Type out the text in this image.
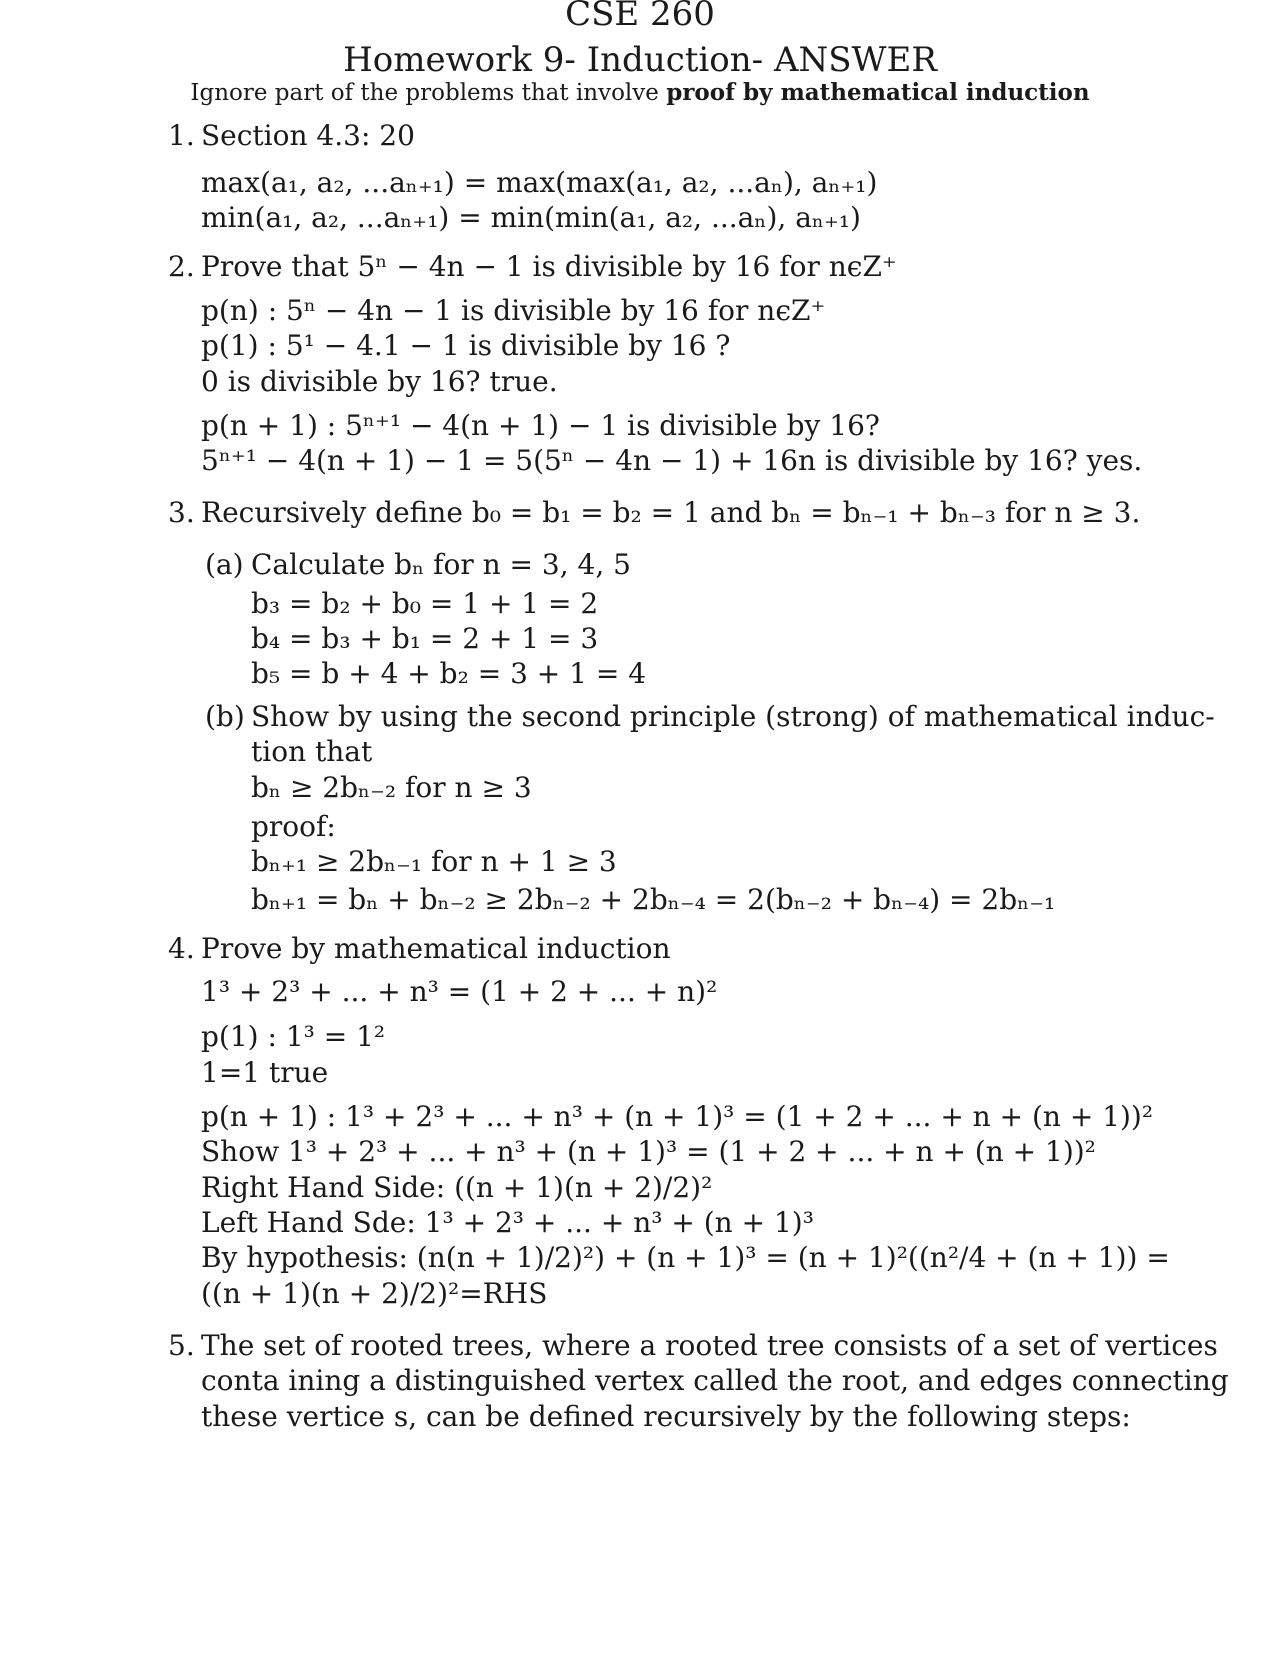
CSE 260
Homework 9- Induction- ANSWER
Ignore part of the problems that involve proof by mathematical induction
1. Section 4.3: 20
max(a₁, a₂, ...aₙ₊₁) = max(max(a₁, a₂, ...aₙ), aₙ₊₁)
min(a₁, a₂, ...aₙ₊₁) = min(min(a₁, a₂, ...aₙ), aₙ₊₁)
2. Prove that 5ⁿ − 4n − 1 is divisible by 16 for nϵZ⁺
p(n) : 5ⁿ − 4n − 1 is divisible by 16 for nϵZ⁺
p(1) : 5¹ − 4.1 − 1 is divisible by 16 ?
0 is divisible by 16? true.
p(n + 1) : 5ⁿ⁺¹ − 4(n + 1) − 1 is divisible by 16?
5ⁿ⁺¹ − 4(n + 1) − 1 = 5(5ⁿ − 4n − 1) + 16n is divisible by 16? yes.
3. Recursively define b₀ = b₁ = b₂ = 1 and bₙ = bₙ₋₁ + bₙ₋₃ for n ≥ 3.
(a) Calculate bₙ for n = 3, 4, 5
b₃ = b₂ + b₀ = 1 + 1 = 2
b₄ = b₃ + b₁ = 2 + 1 = 3
b₅ = b + 4 + b₂ = 3 + 1 = 4
(b) Show by using the second principle (strong) of mathematical induc-
tion that
bₙ ≥ 2bₙ₋₂ for n ≥ 3
proof:
bₙ₊₁ ≥ 2bₙ₋₁ for n + 1 ≥ 3
bₙ₊₁ = bₙ + bₙ₋₂ ≥ 2bₙ₋₂ + 2bₙ₋₄ = 2(bₙ₋₂ + bₙ₋₄) = 2bₙ₋₁
4. Prove by mathematical induction
1³ + 2³ + ... + n³ = (1 + 2 + ... + n)²
p(1) : 1³ = 1²
1=1 true
p(n + 1) : 1³ + 2³ + ... + n³ + (n + 1)³ = (1 + 2 + ... + n + (n + 1))²
Show 1³ + 2³ + ... + n³ + (n + 1)³ = (1 + 2 + ... + n + (n + 1))²
Right Hand Side: ((n + 1)(n + 2)/2)²
Left Hand Sde: 1³ + 2³ + ... + n³ + (n + 1)³
By hypothesis: (n(n + 1)/2)²) + (n + 1)³ = (n + 1)²((n²/4 + (n + 1)) =
((n + 1)(n + 2)/2)²=RHS
5. The set of rooted trees, where a rooted tree consists of a set of vertices
conta ining a distinguished vertex called the root, and edges connecting
these vertice s, can be defined recursively by the following steps:
